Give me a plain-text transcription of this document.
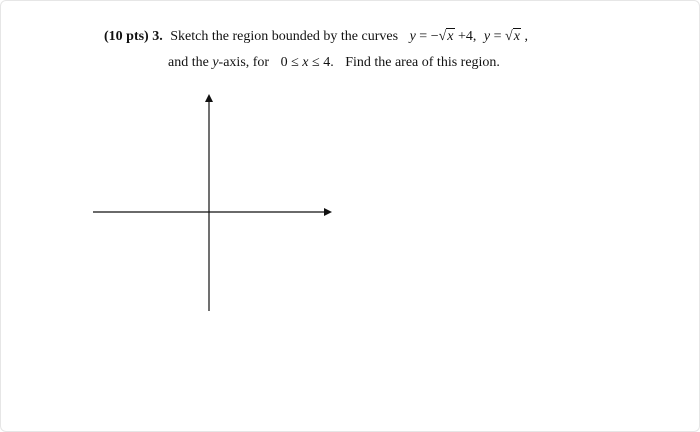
(10 pts) 3. Sketch the region bounded by the curves y = −√x +4, y = √x ,
and the y-axis, for 0 ≤ x ≤ 4. Find the area of this region.
